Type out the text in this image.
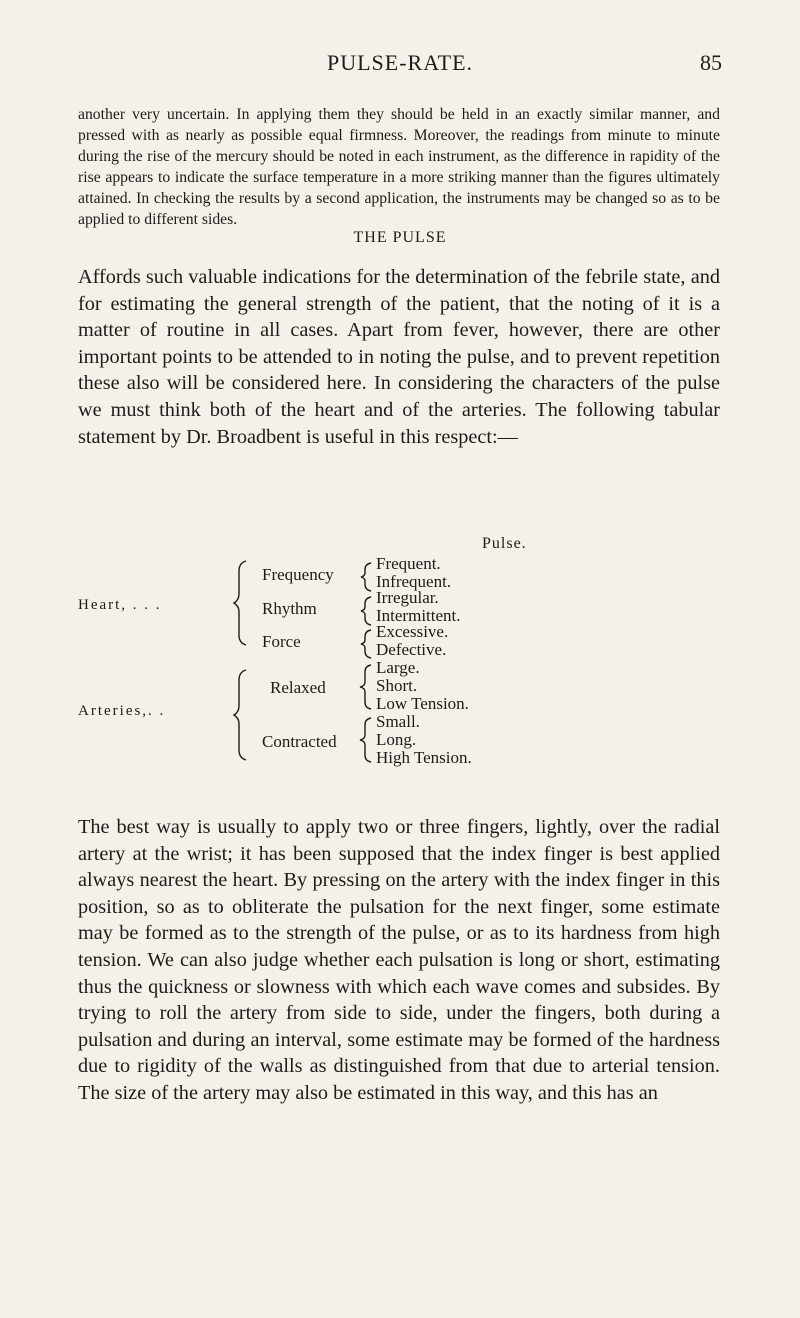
PULSE-RATE.	85

another very uncertain. In applying them they should be held in an exactly similar manner, and pressed with as nearly as possible equal firmness. Moreover, the readings from minute to minute during the rise of the mercury should be noted in each instrument, as the difference in rapidity of the rise appears to indicate the surface temperature in a more striking manner than the figures ultimately attained. In checking the results by a second application, the instruments may be changed so as to be applied to different sides.

THE PULSE

Affords such valuable indications for the determination of the febrile state, and for estimating the general strength of the patient, that the noting of it is a matter of routine in all cases. Apart from fever, however, there are other important points to be attended to in noting the pulse, and to prevent repetition these also will be considered here. In considering the characters of the pulse we must think both of the heart and of the arteries. The following tabular statement by Dr. Broadbent is useful in this respect:—

Pulse.
Heart, . . .
Arteries,. .
Frequency
Rhythm
Force
Relaxed
Contracted
Frequent.
Infrequent.
Irregular.
Intermittent.
Excessive.
Defective.
Large.
Short.
Low Tension.
Small.
Long.
High Tension.

The best way is usually to apply two or three fingers, lightly, over the radial artery at the wrist; it has been supposed that the index finger is best applied always nearest the heart. By pressing on the artery with the index finger in this position, so as to obliterate the pulsation for the next finger, some estimate may be formed as to the strength of the pulse, or as to its hardness from high tension. We can also judge whether each pulsation is long or short, estimating thus the quickness or slowness with which each wave comes and subsides. By trying to roll the artery from side to side, under the fingers, both during a pulsation and during an interval, some estimate may be formed of the hardness due to rigidity of the walls as distinguished from that due to arterial tension. The size of the artery may also be estimated in this way, and this has an
